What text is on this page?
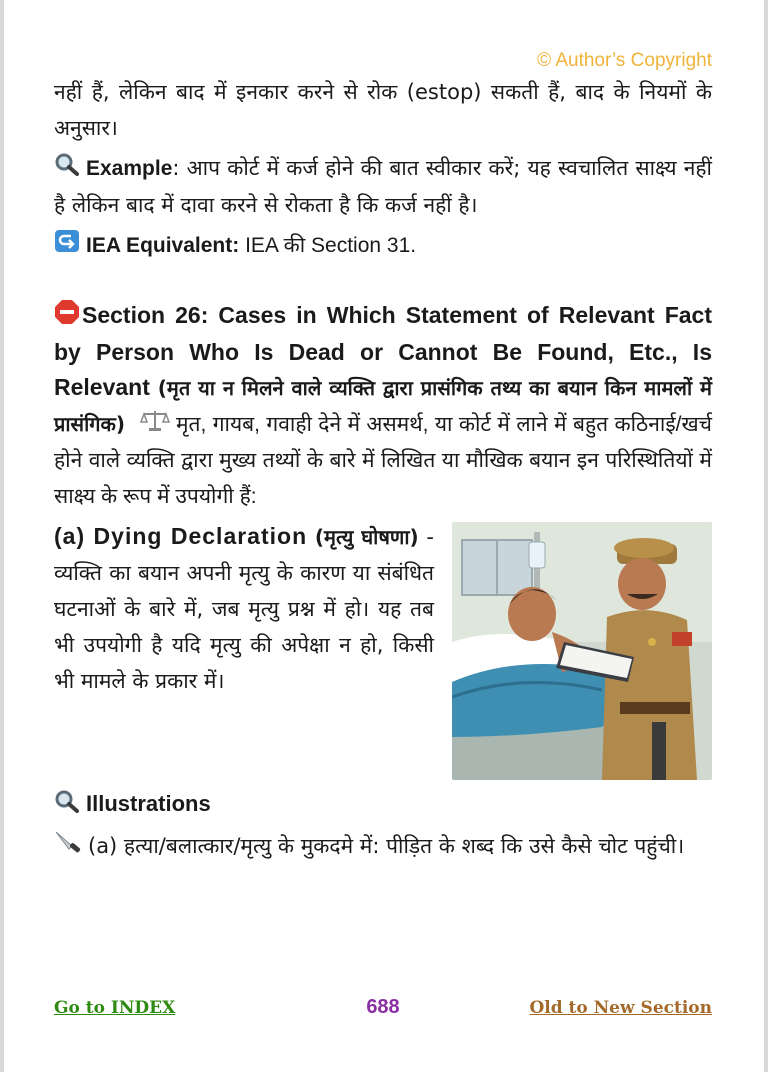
© Author’s Copyright

नहीं हैं, लेकिन बाद में इनकार करने से रोक (estop) सकती हैं, बाद के नियमों के अनुसार।

Example: आप कोर्ट में कर्ज होने की बात स्वीकार करें; यह स्वचालित साक्ष्य नहीं है लेकिन बाद में दावा करने से रोकता है कि कर्ज नहीं है।

IEA Equivalent: IEA की Section 31.

Section 26: Cases in Which Statement of Relevant Fact by Person Who Is Dead or Cannot Be Found, Etc., Is Relevant (मृत या न मिलने वाले व्यक्ति द्वारा प्रासंगिक तथ्य का बयान किन मामलों में प्रासंगिक) मृत, गायब, गवाही देने में असमर्थ, या कोर्ट में लाने में बहुत कठिनाई/खर्च होने वाले व्यक्ति द्वारा मुख्य तथ्यों के बारे में लिखित या मौखिक बयान इन परिस्थितियों में साक्ष्य के रूप में उपयोगी हैं:

(a) Dying Declaration (मृत्यु घोषणा) - व्यक्ति का बयान अपनी मृत्यु के कारण या संबंधित घटनाओं के बारे में, जब मृत्यु प्रश्न में हो। यह तब भी उपयोगी है यदि मृत्यु की अपेक्षा न हो, किसी भी मामले के प्रकार में।

Illustrations

(a) हत्या/बलात्कार/मृत्यु के मुकदमे में: पीड़ित के शब्द कि उसे कैसे चोट पहुंची।

Go to INDEX	688	Old to New Section
